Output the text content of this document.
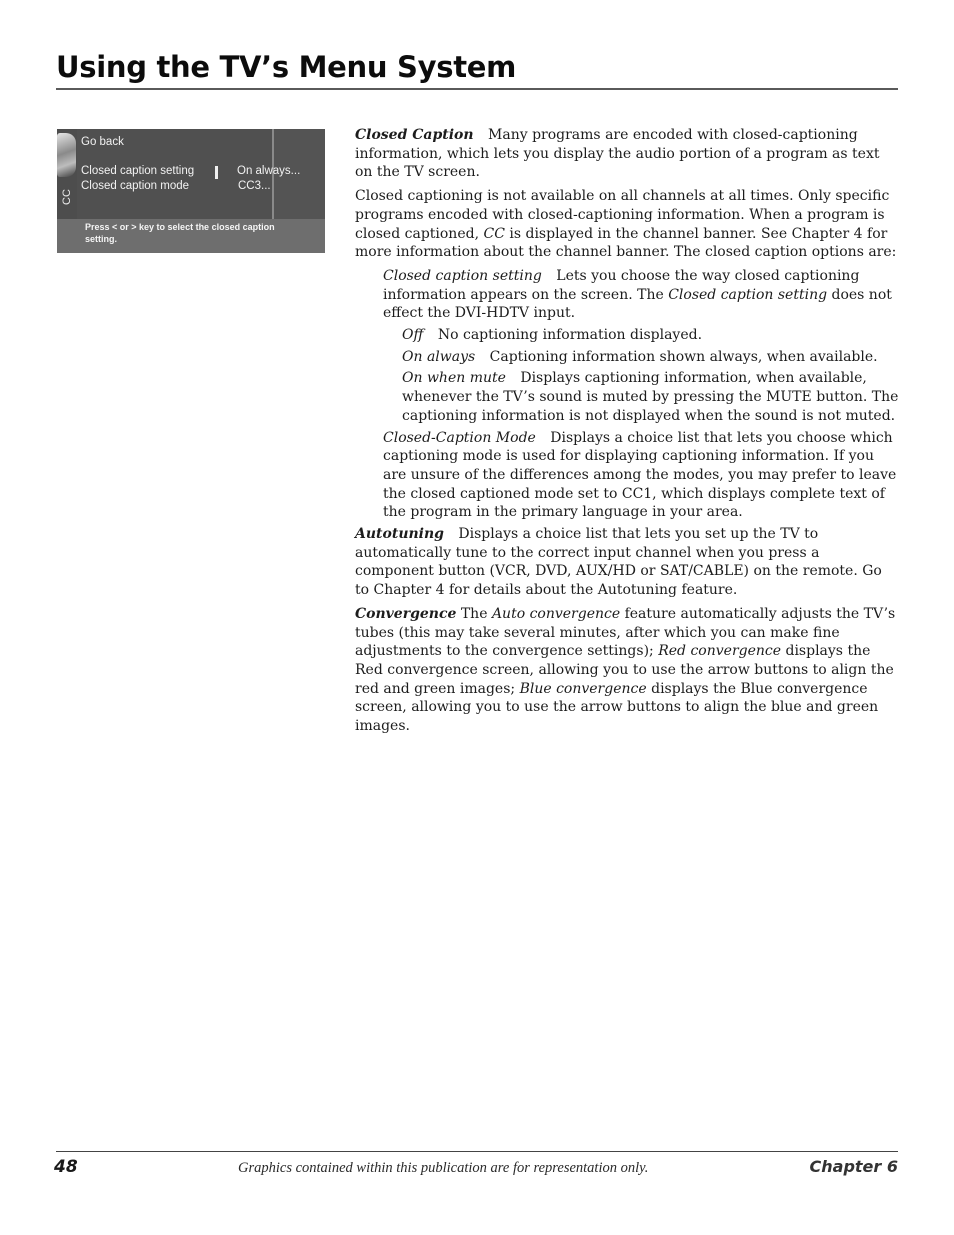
Using the TV’s Menu System
CC
Go back
Closed caption setting	On always...
Closed caption mode	CC3...
Press < or > key to select the closed caption setting.

Closed Caption Many programs are encoded with closed-captioning information, which lets you display the audio portion of a program as text on the TV screen.

Closed captioning is not available on all channels at all times. Only specific programs encoded with closed-captioning information. When a program is closed captioned, CC is displayed in the channel banner. See Chapter 4 for more information about the channel banner. The closed caption options are:

Closed caption setting Lets you choose the way closed captioning information appears on the screen. The Closed caption setting does not effect the DVI-HDTV input.

Off No captioning information displayed.

On always Captioning information shown always, when available.

On when mute Displays captioning information, when available, whenever the TV’s sound is muted by pressing the MUTE button. The captioning information is not displayed when the sound is not muted.

Closed-Caption Mode Displays a choice list that lets you choose which captioning mode is used for displaying captioning information. If you are unsure of the differences among the modes, you may prefer to leave the closed captioned mode set to CC1, which displays complete text of the program in the primary language in your area.

Autotuning Displays a choice list that lets you set up the TV to automatically tune to the correct input channel when you press a component button (VCR, DVD, AUX/HD or SAT/CABLE) on the remote. Go to Chapter 4 for details about the Autotuning feature.

Convergence The Auto convergence feature automatically adjusts the TV’s tubes (this may take several minutes, after which you can make fine adjustments to the convergence settings); Red convergence displays the Red convergence screen, allowing you to use the arrow buttons to align the red and green images; Blue convergence displays the Blue convergence screen, allowing you to use the arrow buttons to align the blue and green images.

48	Graphics contained within this publication are for representation only.	Chapter 6
